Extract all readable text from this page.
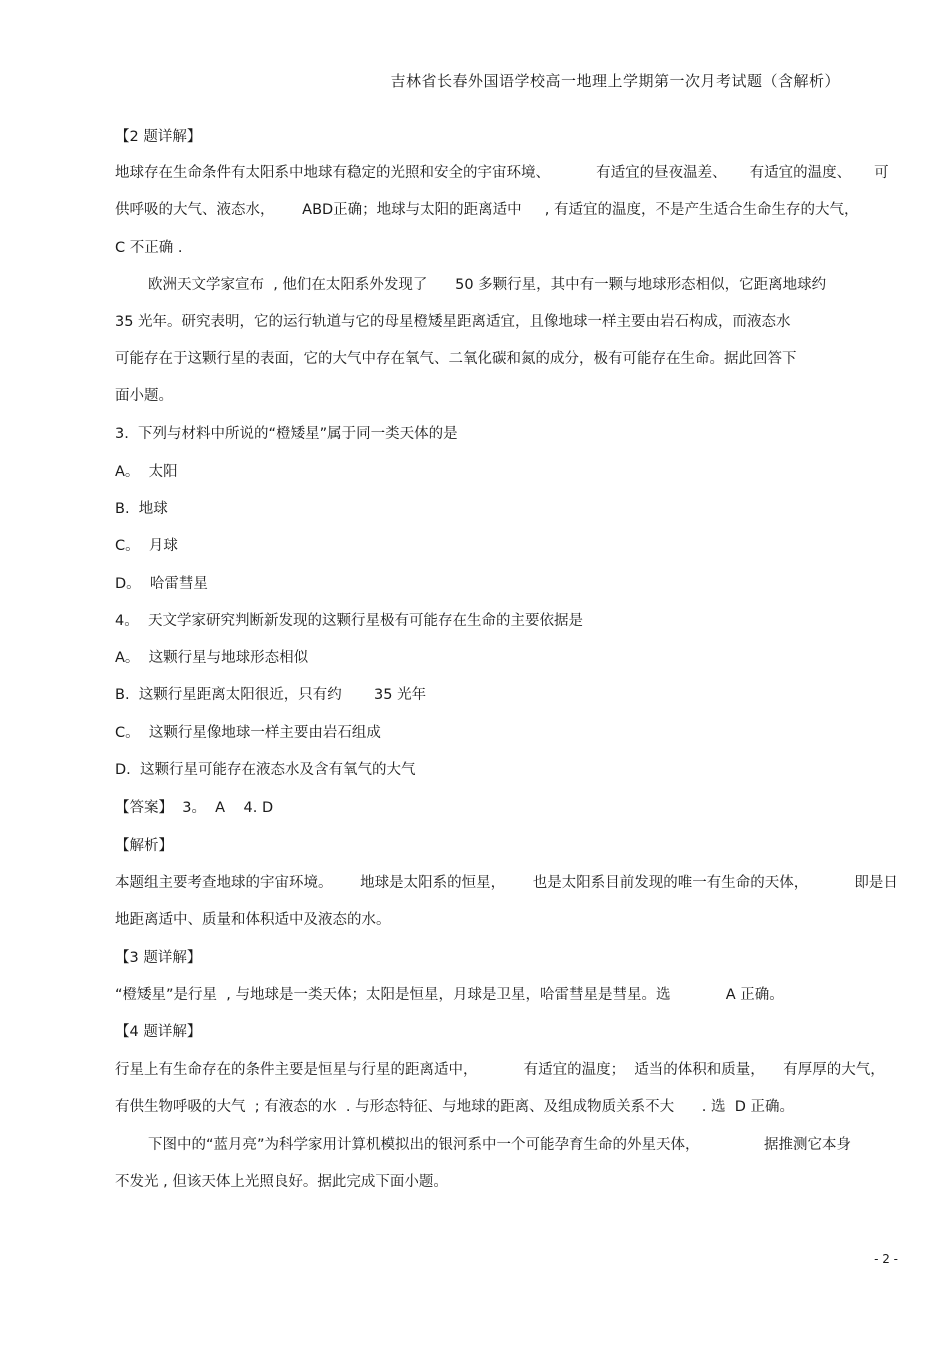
吉林省长春外国语学校高一地理上学期第一次月考试题（含解析）
【2 题详解】
地球存在生命条件有太阳系中地球有稳定的光照和安全的宇宙环境、          有适宜的昼夜温差、     有适宜的温度、     可
供呼吸的大气、液态水，      ABD正确；地球与太阳的距离适中     , 有适宜的温度，不是产生适合生命生存的大气，
C 不正确 .
欧洲天文学家宣布  , 他们在太阳系外发现了      50 多颗行星，其中有一颗与地球形态相似，它距离地球约
35 光年。研究表明，它的运行轨道与它的母星橙矮星距离适宜，且像地球一样主要由岩石构成，而液态水
可能存在于这颗行星的表面，它的大气中存在氧气、二氧化碳和氮的成分，极有可能存在生命。据此回答下
面小题。
3.  下列与材料中所说的“橙矮星”属于同一类天体的是
A。  太阳
B.  地球
C。  月球
D。  哈雷彗星
4。  天文学家研究判断新发现的这颗行星极有可能存在生命的主要依据是
A。  这颗行星与地球形态相似
B.  这颗行星距离太阳很近，只有约       35 光年
C。  这颗行星像地球一样主要由岩石组成
D.  这颗行星可能存在液态水及含有氧气的大气
【答案】  3。  A    4. D
【解析】
本题组主要考查地球的宇宙环境。      地球是太阳系的恒星，      也是太阳系目前发现的唯一有生命的天体，          即是日
地距离适中、质量和体积适中及液态的水。
【3 题详解】
“橙矮星”是行星  , 与地球是一类天体；太阳是恒星，月球是卫星，哈雷彗星是彗星。选            A 正确。
【4 题详解】
行星上有生命存在的条件主要是恒星与行星的距离适中，          有适宜的温度；  适当的体积和质量，    有厚厚的大气，
有供生物呼吸的大气  ; 有液态的水  . 与形态特征、与地球的距离、及组成物质关系不大      . 选  D 正确。
下图中的“蓝月亮”为科学家用计算机模拟出的银河系中一个可能孕育生命的外星天体，              据推测它本身
不发光 , 但该天体上光照良好。据此完成下面小题。
- 2 -
